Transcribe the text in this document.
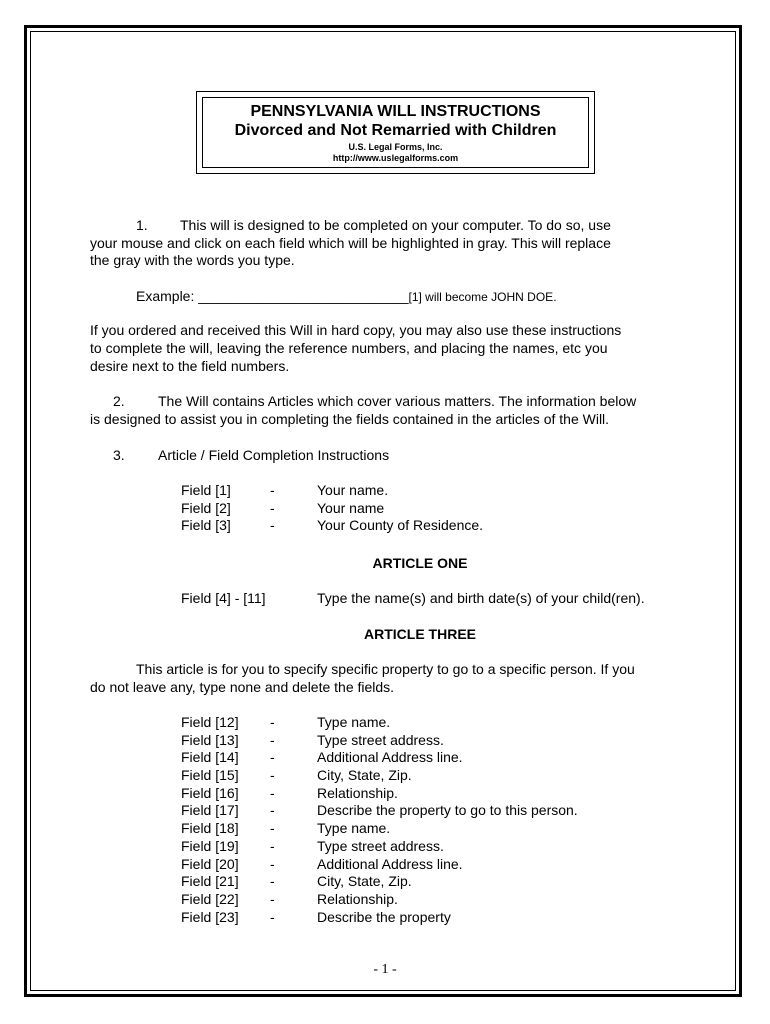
PENNSYLVANIA WILL INSTRUCTIONS
Divorced and Not Remarried with Children
U.S. Legal Forms, Inc.
http://www.uslegalforms.com
1. This will is designed to be completed on your computer. To do so, use
your mouse and click on each field which will be highlighted in gray. This will replace
the gray with the words you type.
Example: ___________________________[1] will become JOHN DOE.
If you ordered and received this Will in hard copy, you may also use these instructions
to complete the will, leaving the reference numbers, and placing the names, etc you
desire next to the field numbers.
2. The Will contains Articles which cover various matters. The information below
is designed to assist you in completing the fields contained in the articles of the Will.
3. Article / Field Completion Instructions
Field [1]	-	Your name.
Field [2]	-	Your name
Field [3]	-	Your County of Residence.
ARTICLE ONE
Field [4] - [11]	Type the name(s) and birth date(s) of your child(ren).
ARTICLE THREE
This article is for you to specify specific property to go to a specific person. If you
do not leave any, type none and delete the fields.
Field [12] -	Type name.
Field [13] -	Type street address.
Field [14] -	Additional Address line.
Field [15] -	City, State, Zip.
Field [16] -	Relationship.
Field [17] -	Describe the property to go to this person.
Field [18] -	Type name.
Field [19] -	Type street address.
Field [20] -	Additional Address line.
Field [21] -	City, State, Zip.
Field [22] -	Relationship.
Field [23] -	Describe the property
- 1 -
